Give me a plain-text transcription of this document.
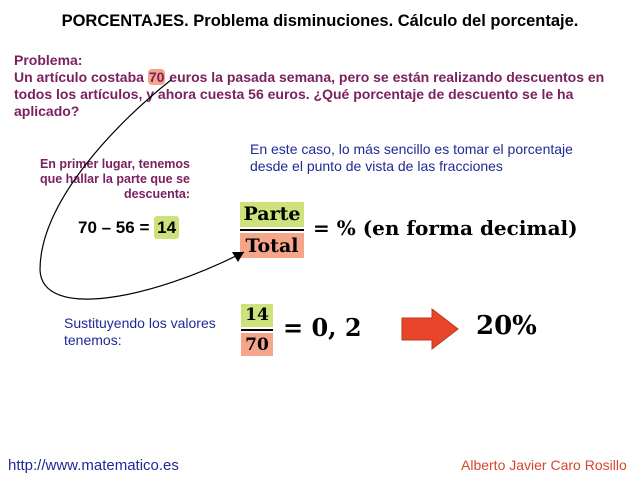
PORCENTAJES. Problema disminuciones. Cálculo del porcentaje.
Problema:
Un artículo costaba 70 euros la pasada semana, pero se están realizando descuentos en todos los artículos, y ahora cuesta 56 euros. ¿Qué porcentaje de descuento se le ha aplicado?
En primer lugar, tenemos que hallar la parte que se descuenta:
70 – 56 = 14
En este caso, lo más sencillo es tomar el porcentaje desde el punto de vista de las fracciones
Parte
Total
= % (en forma decimal)
Sustituyendo los valores tenemos:
14
70
= 0, 2	20%
http://www.matematico.es	Alberto Javier Caro Rosillo
